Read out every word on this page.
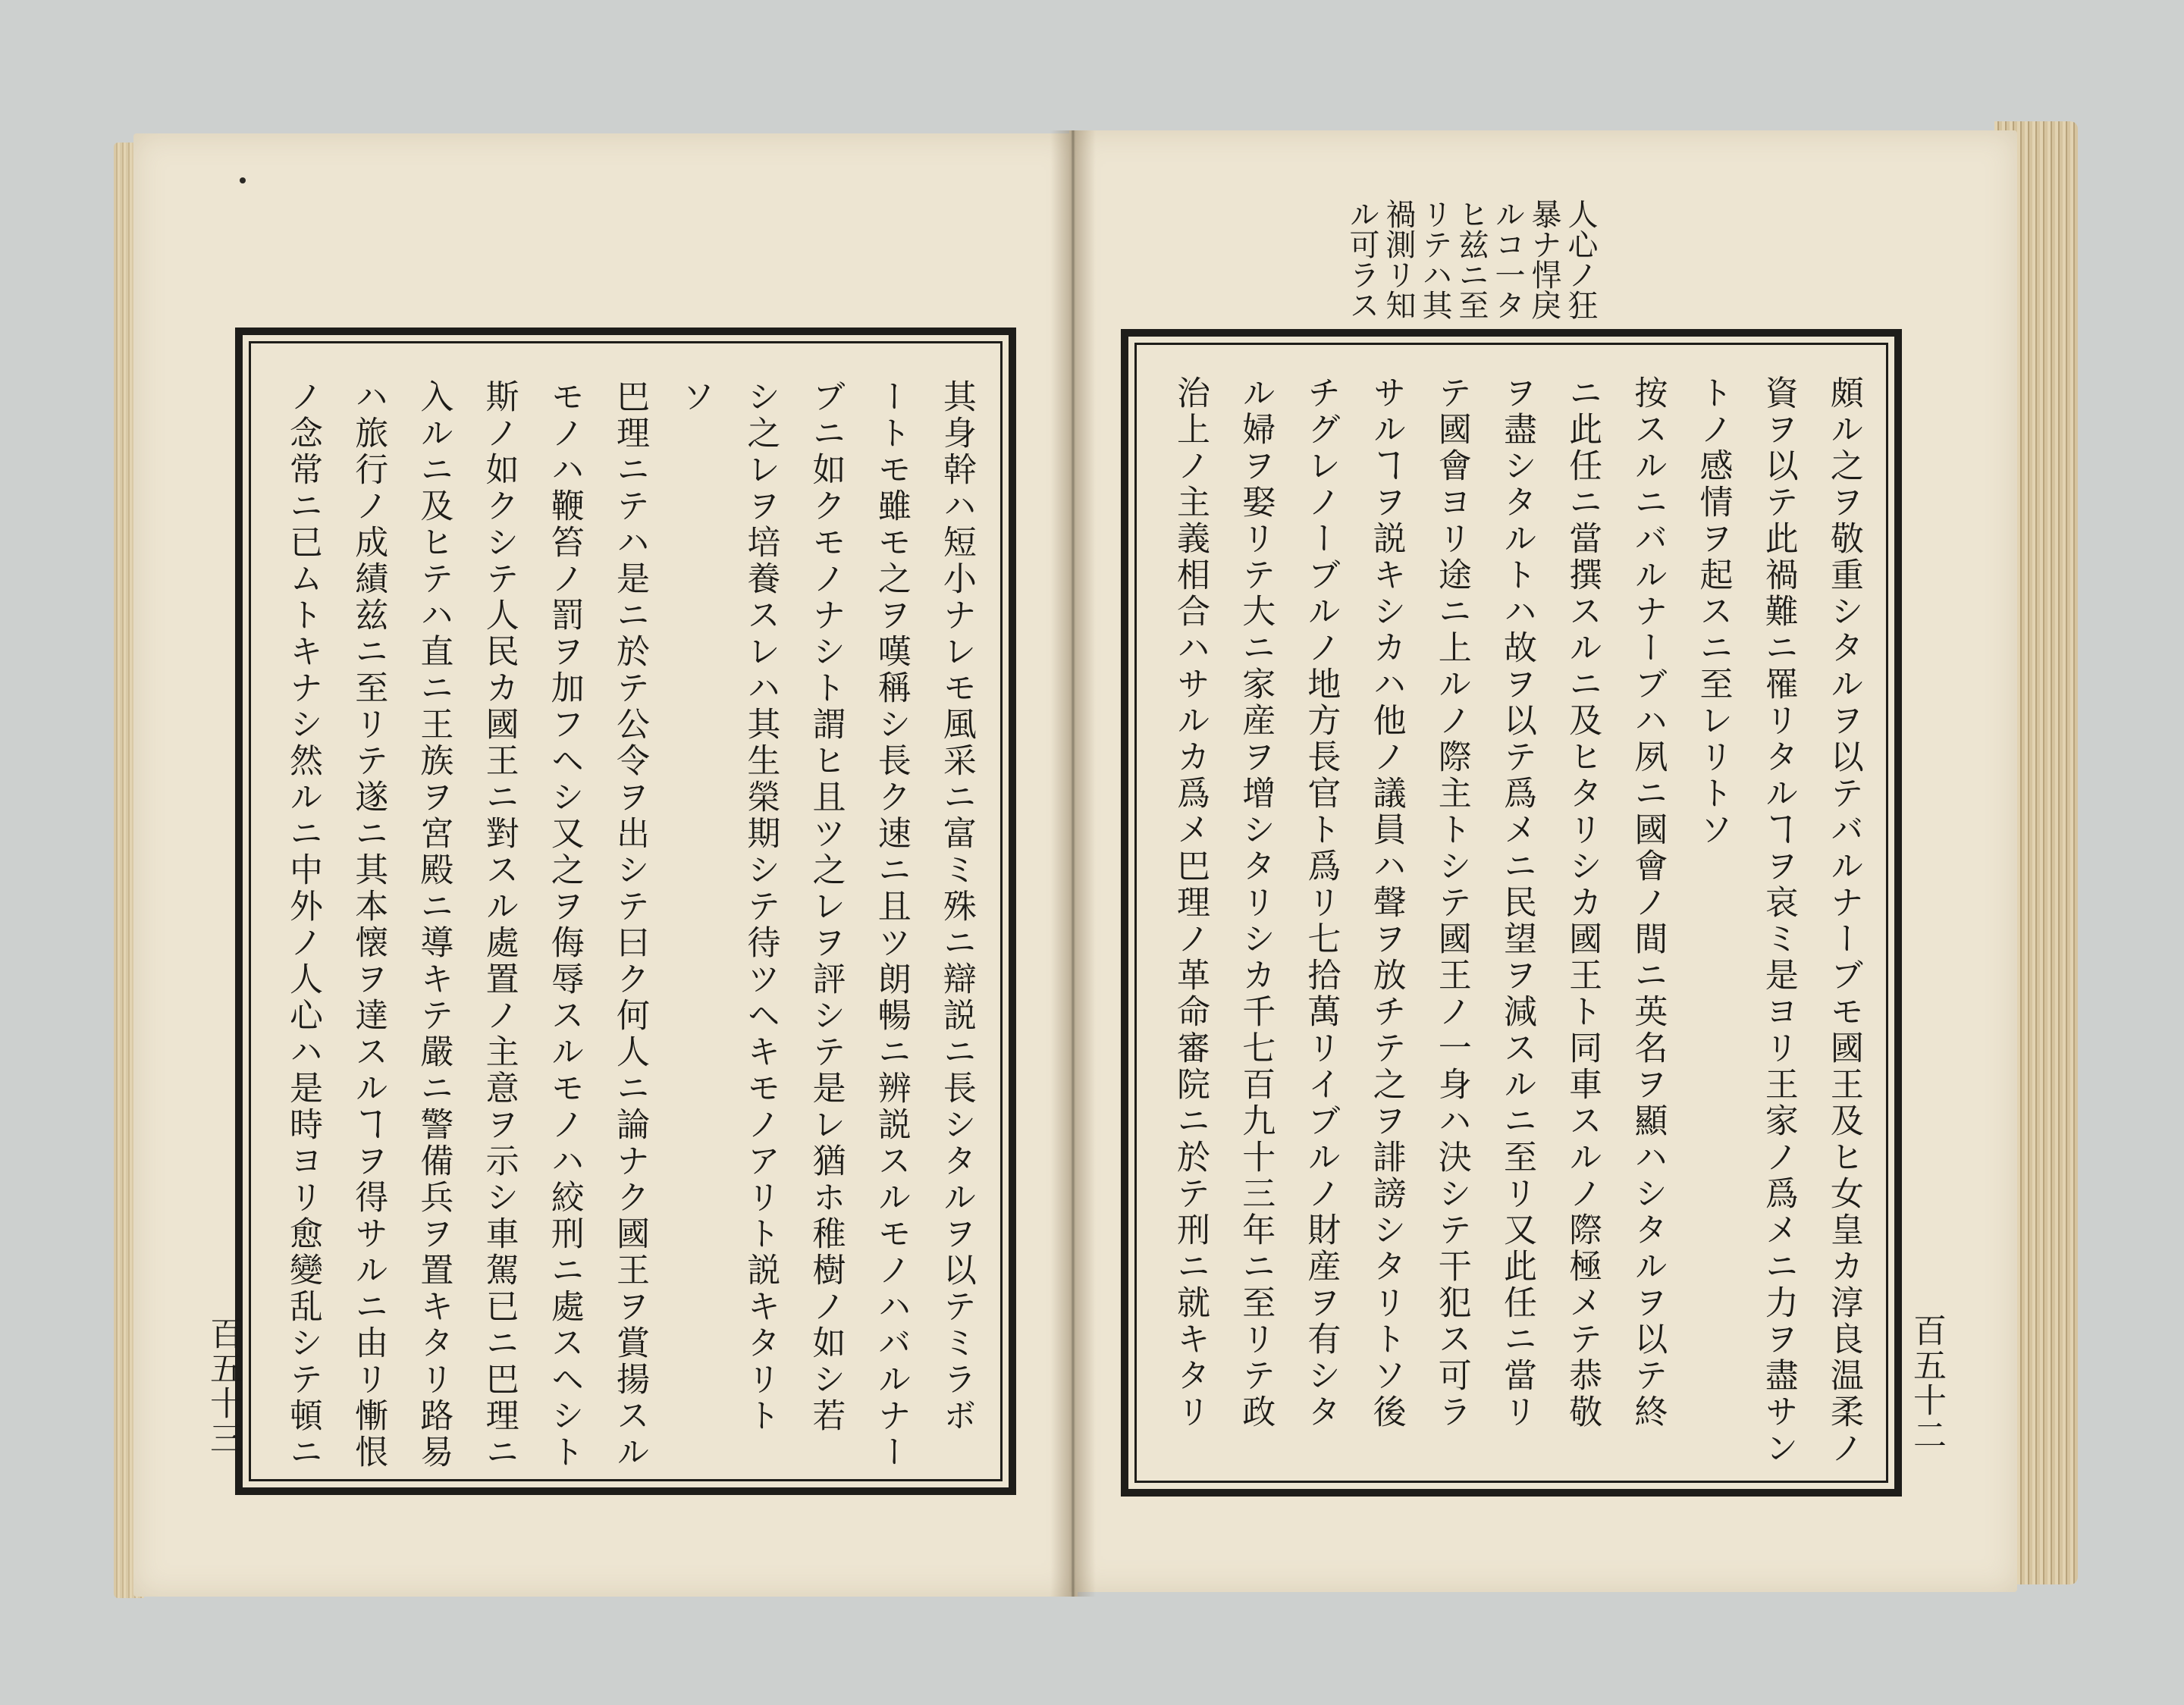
人心ノ狂
暴ナ悍戾
ルコ一タ
ヒ兹ニ至
リテハ其
禍測リ知
ル可ラス
頗ル之ヲ敬重シタルヲ以テバルナーブモ國王及ヒ女皇カ淳良温柔ノ
資ヲ以テ此禍難ニ罹リタルヿヲ哀ミ是ヨリ王家ノ爲メニ力ヲ盡サン
トノ感情ヲ起スニ至レリトソ
按スルニバルナーブハ夙ニ國會ノ間ニ英名ヲ顯ハシタルヲ以テ終
ニ此任ニ當撰スルニ及ヒタリシカ國王ト同車スルノ際極メテ恭敬
ヲ盡シタルトハ故ヲ以テ爲メニ民望ヲ減スルニ至リ又此任ニ當リ
テ國會ヨリ途ニ上ルノ際主トシテ國王ノ一身ハ決シテ干犯ス可ラ
サルヿヲ説キシカハ他ノ議員ハ聲ヲ放チテ之ヲ誹謗シタリトソ後
チグレノーブルノ地方長官ト爲リ七拾萬リイブルノ財産ヲ有シタ
ル婦ヲ娶リテ大ニ家産ヲ增シタリシカ千七百九十三年ニ至リテ政
治上ノ主義相合ハサルカ爲メ巴理ノ革命審院ニ於テ刑ニ就キタリ	百五十二
其身幹ハ短小ナレモ風采ニ富ミ殊ニ辯説ニ長シタルヲ以テミラボ
ートモ雖モ之ヲ嘆稱シ長ク速ニ且ツ朗暢ニ辨説スルモノハバルナー
ブニ如クモノナシト謂ヒ且ツ之レヲ評シテ是レ猶ホ稚樹ノ如シ若
シ之レヲ培養スレハ其生榮期シテ待ツヘキモノアリト説キタリト
ソ
巴理ニテハ是ニ於テ公令ヲ出シテ曰ク何人ニ論ナク國王ヲ賞揚スル
モノハ鞭笞ノ罰ヲ加フヘシ又之ヲ侮辱スルモノハ絞刑ニ處スヘシト
斯ノ如クシテ人民カ國王ニ對スル處置ノ主意ヲ示シ車駕已ニ巴理ニ
入ルニ及ヒテハ直ニ王族ヲ宮殿ニ導キテ嚴ニ警備兵ヲ置キタリ路易
ハ旅行ノ成績兹ニ至リテ遂ニ其本懐ヲ達スルヿヲ得サルニ由リ慚恨
ノ念常ニ已ムトキナシ然ルニ中外ノ人心ハ是時ヨリ愈變乱シテ頓ニ
百五十三
